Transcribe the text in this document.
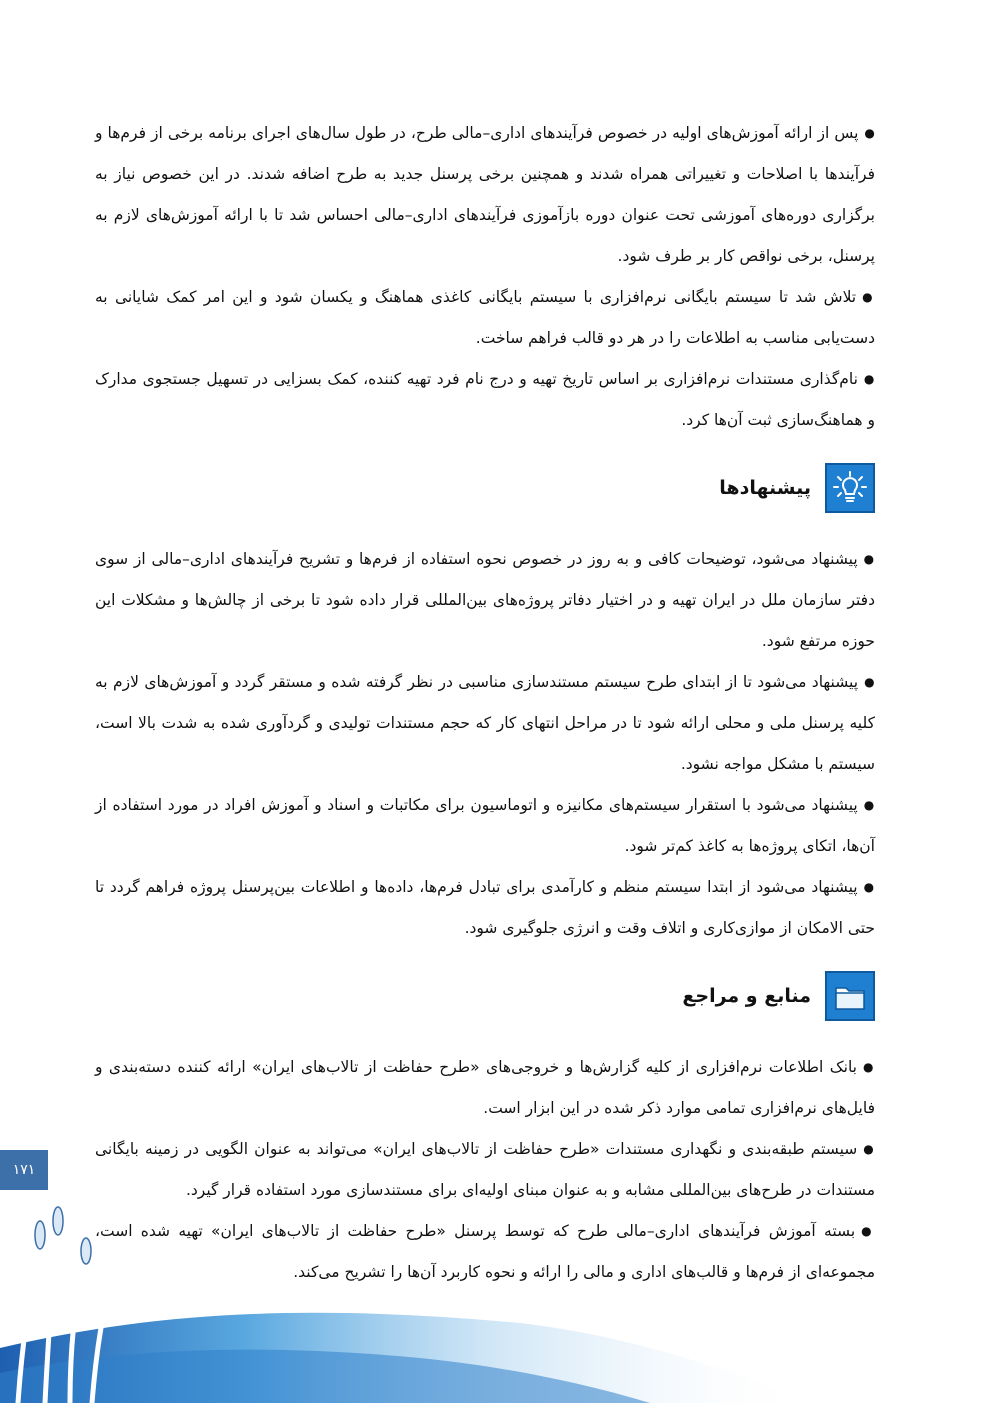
●پس از ارائه آموزش‌های اولیه در خصوص فرآیندهای اداری–مالی طرح، در طول سال‌های اجرای برنامه برخی از فرم‌ها و فرآیندها با اصلاحات و تغییراتی همراه شدند و همچنین برخی پرسنل جدید به طرح اضافه شدند. در این خصوص نیاز به برگزاری دوره‌های آموزشی تحت عنوان دوره بازآموزی فرآیندهای اداری–مالی احساس شد تا با ارائه آموزش‌های لازم به پرسنل، برخی نواقص کار بر طرف شود.

●تلاش شد تا سیستم بایگانی نرم‌افزاری با سیستم بایگانی کاغذی هماهنگ و یکسان شود و این امر کمک شایانی به دست‌یابی مناسب به اطلاعات را در هر دو قالب فراهم ساخت.

●نام‌گذاری مستندات نرم‌افزاری بر اساس تاریخ تهیه و درج نام فرد تهیه کننده، کمک بسزایی در تسهیل جستجوی مدارک و هماهنگ‌سازی ثبت آن‌ها کرد.

پیشنهادها

●پیشنهاد می‌شود، توضیحات کافی و به روز در خصوص نحوه استفاده از فرم‌ها و تشریح فرآیندهای اداری–مالی از سوی دفتر سازمان ملل در ایران تهیه و در اختیار دفاتر پروژه‌های بین‌المللی قرار داده شود تا برخی از چالش‌ها و مشکلات این حوزه مرتفع شود.

●پیشنهاد می‌شود تا از ابتدای طرح سیستم مستندسازی مناسبی در نظر گرفته شده و مستقر گردد و آموزش‌های لازم به کلیه پرسنل ملی و محلی ارائه شود تا در مراحل انتهای کار که حجم مستندات تولیدی و گردآوری شده به شدت بالا است، سیستم با مشکل مواجه نشود.

●پیشنهاد می‌شود با استقرار سیستم‌های مکانیزه و اتوماسیون برای مکاتبات و اسناد و آموزش افراد در مورد استفاده از آن‌ها، اتکای پروژه‌ها به کاغذ کم‌تر شود.

●پیشنهاد می‌شود از ابتدا سیستم منظم و کارآمدی برای تبادل فرم‌ها، داده‌ها و اطلاعات بین‌پرسنل پروژه فراهم گردد تا حتی الامکان از موازی‌کاری و اتلاف وقت و انرژی جلوگیری شود.

منابع و مراجع

●بانک اطلاعات نرم‌افزاری از کلیه گزارش‌ها و خروجی‌های «طرح حفاظت از تالاب‌های ایران» ارائه کننده دسته‌بندی و فایل‌های نرم‌افزاری تمامی موارد ذکر شده در این ابزار است.

●سیستم طبقه‌بندی و نگهداری مستندات «طرح حفاظت از تالاب‌های ایران» می‌تواند به عنوان الگویی در زمینه بایگانی مستندات در طرح‌های بین‌المللی مشابه و به عنوان مبنای اولیه‌ای برای مستندسازی مورد استفاده قرار گیرد.

●بسته آموزش فرآیندهای اداری–مالی طرح که توسط پرسنل «طرح حفاظت از تالاب‌های ایران» تهیه شده است، مجموعه‌ای از فرم‌ها و قالب‌های اداری و مالی را ارائه و نحوه کاربرد آن‌ها را تشریح می‌کند.

۱۷۱
